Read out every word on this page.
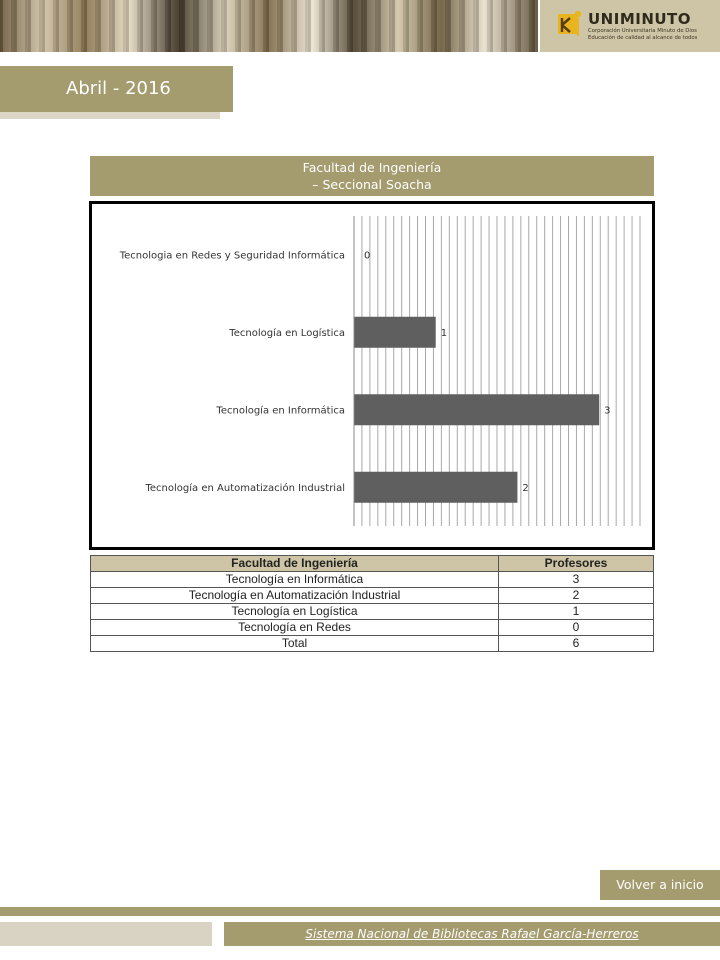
UNIMINUTO
Corporación Universitaria Minuto de Dios
Educación de calidad al alcance de todos
Abril - 2016
Facultad de Ingeniería
– Seccional Soacha
Tecnologia en Redes y Seguridad Informática 0
Tecnología en Logística	1
Tecnología en Informática	3
Tecnología en Automatización Industrial	2
Facultad de Ingeniería	Profesores
Tecnología en Informática	3
Tecnología en Automatización Industrial	2
Tecnología en Logística	1
Tecnología en Redes	0
Total	6
Volver a inicio
Sistema Nacional de Bibliotecas Rafael García-Herreros
